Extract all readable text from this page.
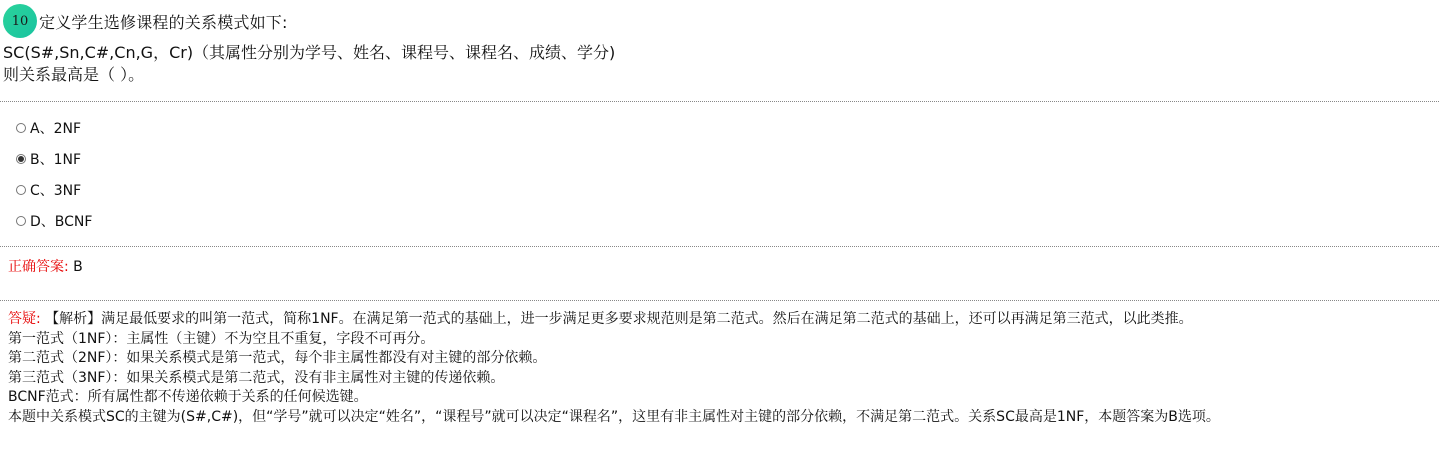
10 定义学生选修课程的关系模式如下:
SC(S#,Sn,C#,Cn,G，Cr)（其属性分别为学号、姓名、课程号、课程名、成绩、学分)
则关系最高是（ ）。
A、2NF
B、1NF
C、3NF
D、BCNF
正确答案: B
答疑: 【解析】满足最低要求的叫第一范式，简称1NF。在满足第一范式的基础上，进一步满足更多要求规范则是第二范式。然后在满足第二范式的基础上，还可以再满足第三范式，以此类推。
第一范式（1NF）：主属性（主键）不为空且不重复，字段不可再分。
第二范式（2NF）：如果关系模式是第一范式，每个非主属性都没有对主键的部分依赖。
第三范式（3NF）：如果关系模式是第二范式，没有非主属性对主键的传递依赖。
BCNF范式：所有属性都不传递依赖于关系的任何候选键。
本题中关系模式SC的主键为(S#,C#)，但“学号”就可以决定“姓名”，“课程号”就可以决定“课程名”，这里有非主属性对主键的部分依赖，不满足第二范式。关系SC最高是1NF，本题答案为B选项。
